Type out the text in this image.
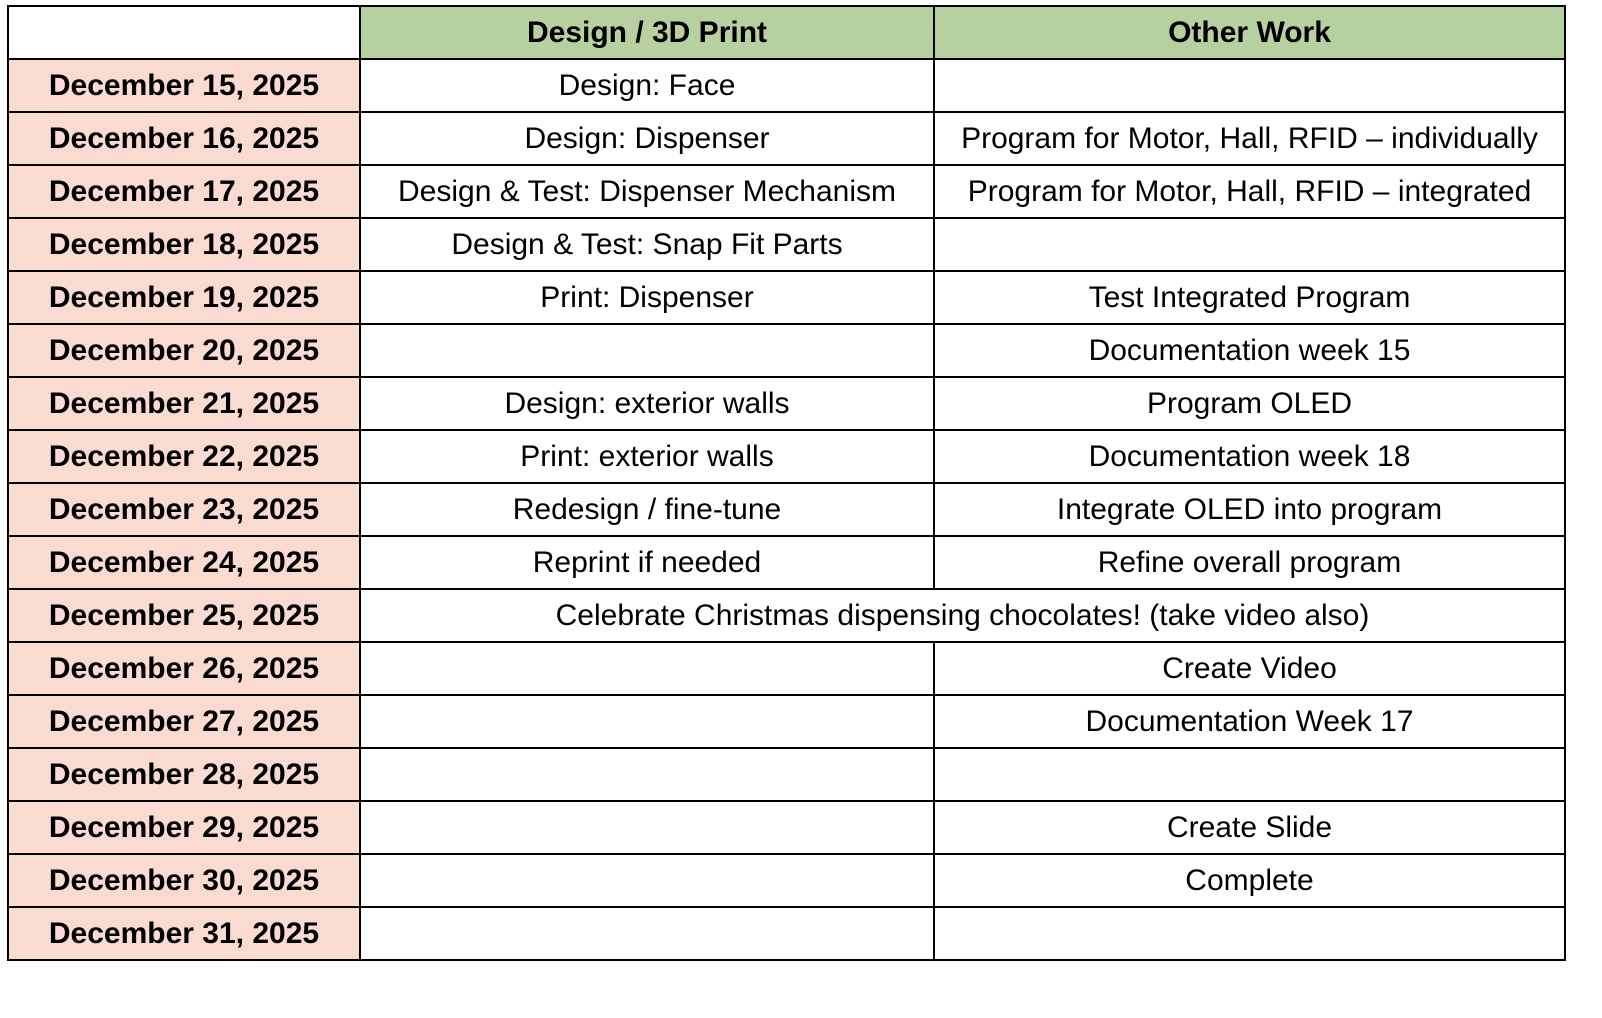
	Design / 3D Print	Other Work
December 15, 2025	Design: Face	
December 16, 2025	Design: Dispenser	Program for Motor, Hall, RFID – individually
December 17, 2025	Design & Test: Dispenser Mechanism	Program for Motor, Hall, RFID – integrated
December 18, 2025	Design & Test: Snap Fit Parts	
December 19, 2025	Print: Dispenser	Test Integrated Program
December 20, 2025		Documentation week 15
December 21, 2025	Design: exterior walls	Program OLED
December 22, 2025	Print: exterior walls	Documentation week 18
December 23, 2025	Redesign / fine-tune	Integrate OLED into program
December 24, 2025	Reprint if needed	Refine overall program
December 25, 2025	Celebrate Christmas dispensing chocolates! (take video also)	
December 26, 2025		Create Video
December 27, 2025		Documentation Week 17
December 28, 2025		
December 29, 2025		Create Slide
December 30, 2025		Complete
December 31, 2025		
